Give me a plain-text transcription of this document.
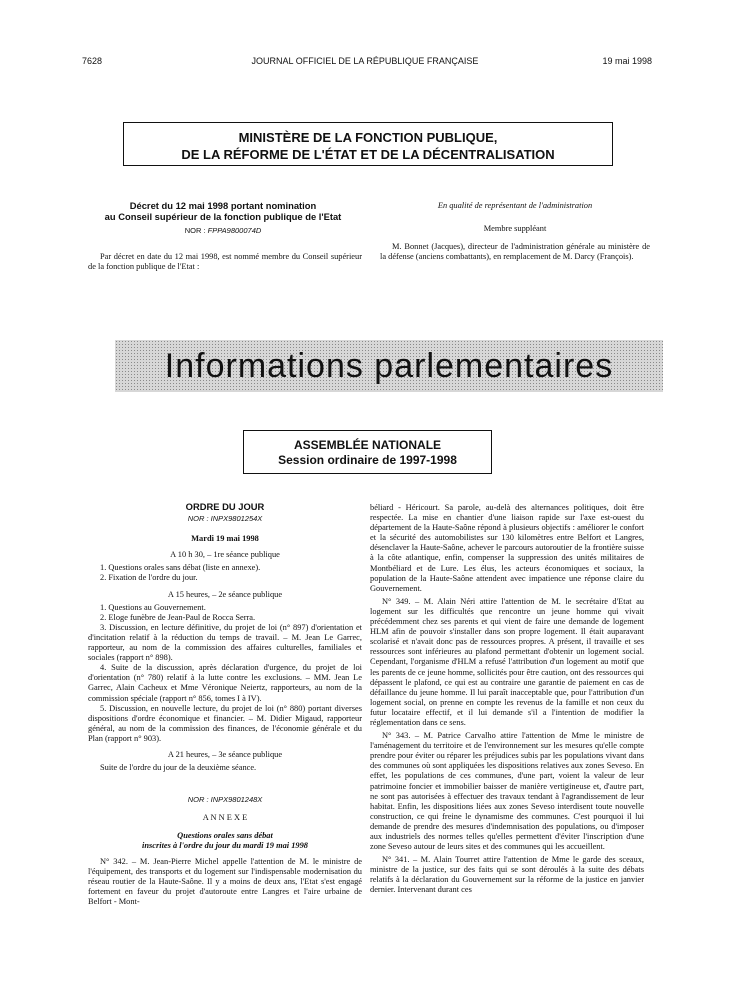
7628	JOURNAL OFFICIEL DE LA RÉPUBLIQUE FRANÇAISE	19 mai 1998
MINISTÈRE DE LA FONCTION PUBLIQUE,
DE LA RÉFORME DE L'ÉTAT ET DE LA DÉCENTRALISATION
Décret du 12 mai 1998 portant nomination
au Conseil supérieur de la fonction publique de l'Etat
NOR : FPPA9800074D

Par décret en date du 12 mai 1998, est nommé membre du Conseil supérieur de la fonction publique de l'Etat :

En qualité de représentant de l'administration
Membre suppléant

M. Bonnet (Jacques), directeur de l'administration générale au ministère de la défense (anciens combattants), en remplacement de M. Darcy (François).

Informations parlementaires
ASSEMBLÉE NATIONALE
Session ordinaire de 1997-1998
ORDRE DU JOUR
NOR : INPX9801254X
Mardi 19 mai 1998
A 10 h 30, – 1re séance publique

1. Questions orales sans débat (liste en annexe).

2. Fixation de l'ordre du jour.

A 15 heures, – 2e séance publique

1. Questions au Gouvernement.

2. Eloge funèbre de Jean-Paul de Rocca Serra.

3. Discussion, en lecture définitive, du projet de loi (n° 897) d'orientation et d'incitation relatif à la réduction du temps de travail. – M. Jean Le Garrec, rapporteur, au nom de la commission des affaires culturelles, familiales et sociales (rapport n° 898).

4. Suite de la discussion, après déclaration d'urgence, du projet de loi d'orientation (n° 780) relatif à la lutte contre les exclusions. – MM. Jean Le Garrec, Alain Cacheux et Mme Véronique Neiertz, rapporteurs, au nom de la commission spéciale (rapport n° 856, tomes I à IV).

5. Discussion, en nouvelle lecture, du projet de loi (n° 880) portant diverses dispositions d'ordre économique et financier. – M. Didier Migaud, rapporteur général, au nom de la commission des finances, de l'économie générale et du Plan (rapport n° 903).

A 21 heures, – 3e séance publique

Suite de l'ordre du jour de la deuxième séance.

NOR : INPX9801248X
A N N E X E
Questions orales sans débat
inscrites à l'ordre du jour du mardi 19 mai 1998

N° 342. – M. Jean-Pierre Michel appelle l'attention de M. le ministre de l'équipement, des transports et du logement sur l'indispensable modernisation du réseau routier de la Haute-Saône. Il y a moins de deux ans, l'Etat s'est engagé fortement en faveur du projet d'autoroute entre Langres et l'aire urbaine de Belfort - Mont-

béliard - Héricourt. Sa parole, au-delà des alternances politiques, doit être respectée. La mise en chantier d'une liaison rapide sur l'axe est-ouest du département de la Haute-Saône répond à plusieurs objectifs : améliorer le confort et la sécurité des automobilistes sur 130 kilomètres entre Belfort et Langres, désenclaver la Haute-Saône, achever le parcours autoroutier de la frontière suisse à la côte atlantique, enfin, compenser la suppression des unités militaires de Montbéliard et de Lure. Les élus, les acteurs économiques et sociaux, la population de la Haute-Saône attendent avec impatience une réponse claire du Gouvernement.

N° 349. – M. Alain Néri attire l'attention de M. le secrétaire d'Etat au logement sur les difficultés que rencontre un jeune homme qui vivait précédemment chez ses parents et qui vient de faire une demande de logement HLM afin de pouvoir s'installer dans son propre logement. Il était auparavant scolarisé et n'avait donc pas de ressources propres. A présent, il travaille et ses ressources sont inférieures au plafond permettant d'obtenir un logement social. Cependant, l'organisme d'HLM a refusé l'attribution d'un logement au motif que les parents de ce jeune homme, sollicités pour être caution, ont des ressources qui dépassent le plafond, ce qui est au contraire une garantie de paiement en cas de défaillance du jeune homme. Il lui paraît inacceptable que, pour l'attribution d'un logement social, on prenne en compte les revenus de la famille et non ceux du futur locataire effectif, et il lui demande s'il a l'intention de modifier la réglementation dans ce sens.

N° 343. – M. Patrice Carvalho attire l'attention de Mme le ministre de l'aménagement du territoire et de l'environnement sur les mesures qu'elle compte prendre pour éviter ou réparer les préjudices subis par les populations vivant dans des communes où sont appliquées les dispositions relatives aux zones Seveso. En effet, les populations de ces communes, d'une part, voient la valeur de leur patrimoine foncier et immobilier baisser de manière vertigineuse et, d'autre part, ne sont pas autorisées à effectuer des travaux tendant à l'agrandissement de leur habitat. Enfin, les dispositions liées aux zones Seveso interdisent toute nouvelle construction, ce qui freine le dynamisme des communes. C'est pourquoi il lui demande de prendre des mesures d'indemnisation des populations, ou d'imposer aux industriels des normes telles qu'elles permettent d'éviter l'inscription d'une zone Seveso autour de leurs sites et des communes qui les accueillent.

N° 341. – M. Alain Tourret attire l'attention de Mme le garde des sceaux, ministre de la justice, sur des faits qui se sont déroulés à la suite des débats relatifs à la déclaration du Gouvernement sur la réforme de la justice en janvier dernier. Intervenant durant ces
